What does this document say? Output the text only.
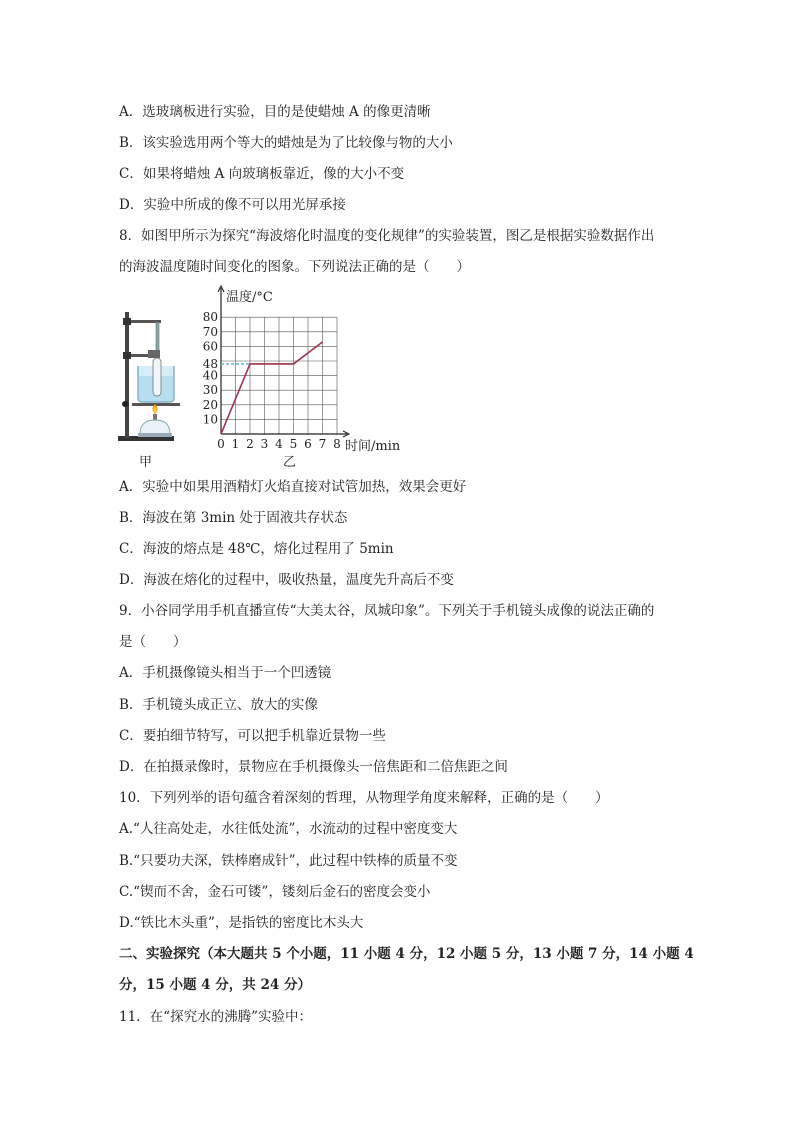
A．选玻璃板进行实验，目的是使蜡烛 A 的像更清晰
B．该实验选用两个等大的蜡烛是为了比较像与物的大小
C．如果将蜡烛 A 向玻璃板靠近，像的大小不变
D．实验中所成的像不可以用光屏承接
8．如图甲所示为探究“海波熔化时温度的变化规律”的实验装置，图乙是根据实验数据作出
的海波温度随时间变化的图象。下列说法正确的是（　　）
甲
10
20
30
40
48
60
70
80
0 1 2 3 4 5 6 7 8
温度/°C
时间/min
乙
A．实验中如果用酒精灯火焰直接对试管加热，效果会更好
B．海波在第 3min 处于固液共存状态
C．海波的熔点是 48℃，熔化过程用了 5min
D．海波在熔化的过程中，吸收热量，温度先升高后不变
9．小谷同学用手机直播宣传“大美太谷，凤城印象”。下列关于手机镜头成像的说法正确的
是（　　）
A．手机摄像镜头相当于一个凹透镜
B．手机镜头成正立、放大的实像
C．要拍细节特写，可以把手机靠近景物一些
D．在拍摄录像时，景物应在手机摄像头一倍焦距和二倍焦距之间
10．下列列举的语句蕴含着深刻的哲理，从物理学角度来解释，正确的是（　　）
A.“人往高处走，水往低处流”，水流动的过程中密度变大
B.“只要功夫深，铁棒磨成针”，此过程中铁棒的质量不变
C.“锲而不舍，金石可镂”，镂刻后金石的密度会变小
D.“铁比木头重”，是指铁的密度比木头大
二、实验探究（本大题共 5 个小题，11 小题 4 分，12 小题 5 分，13 小题 7 分，14 小题 4
分，15 小题 4 分，共 24 分）
11．在“探究水的沸腾”实验中：
